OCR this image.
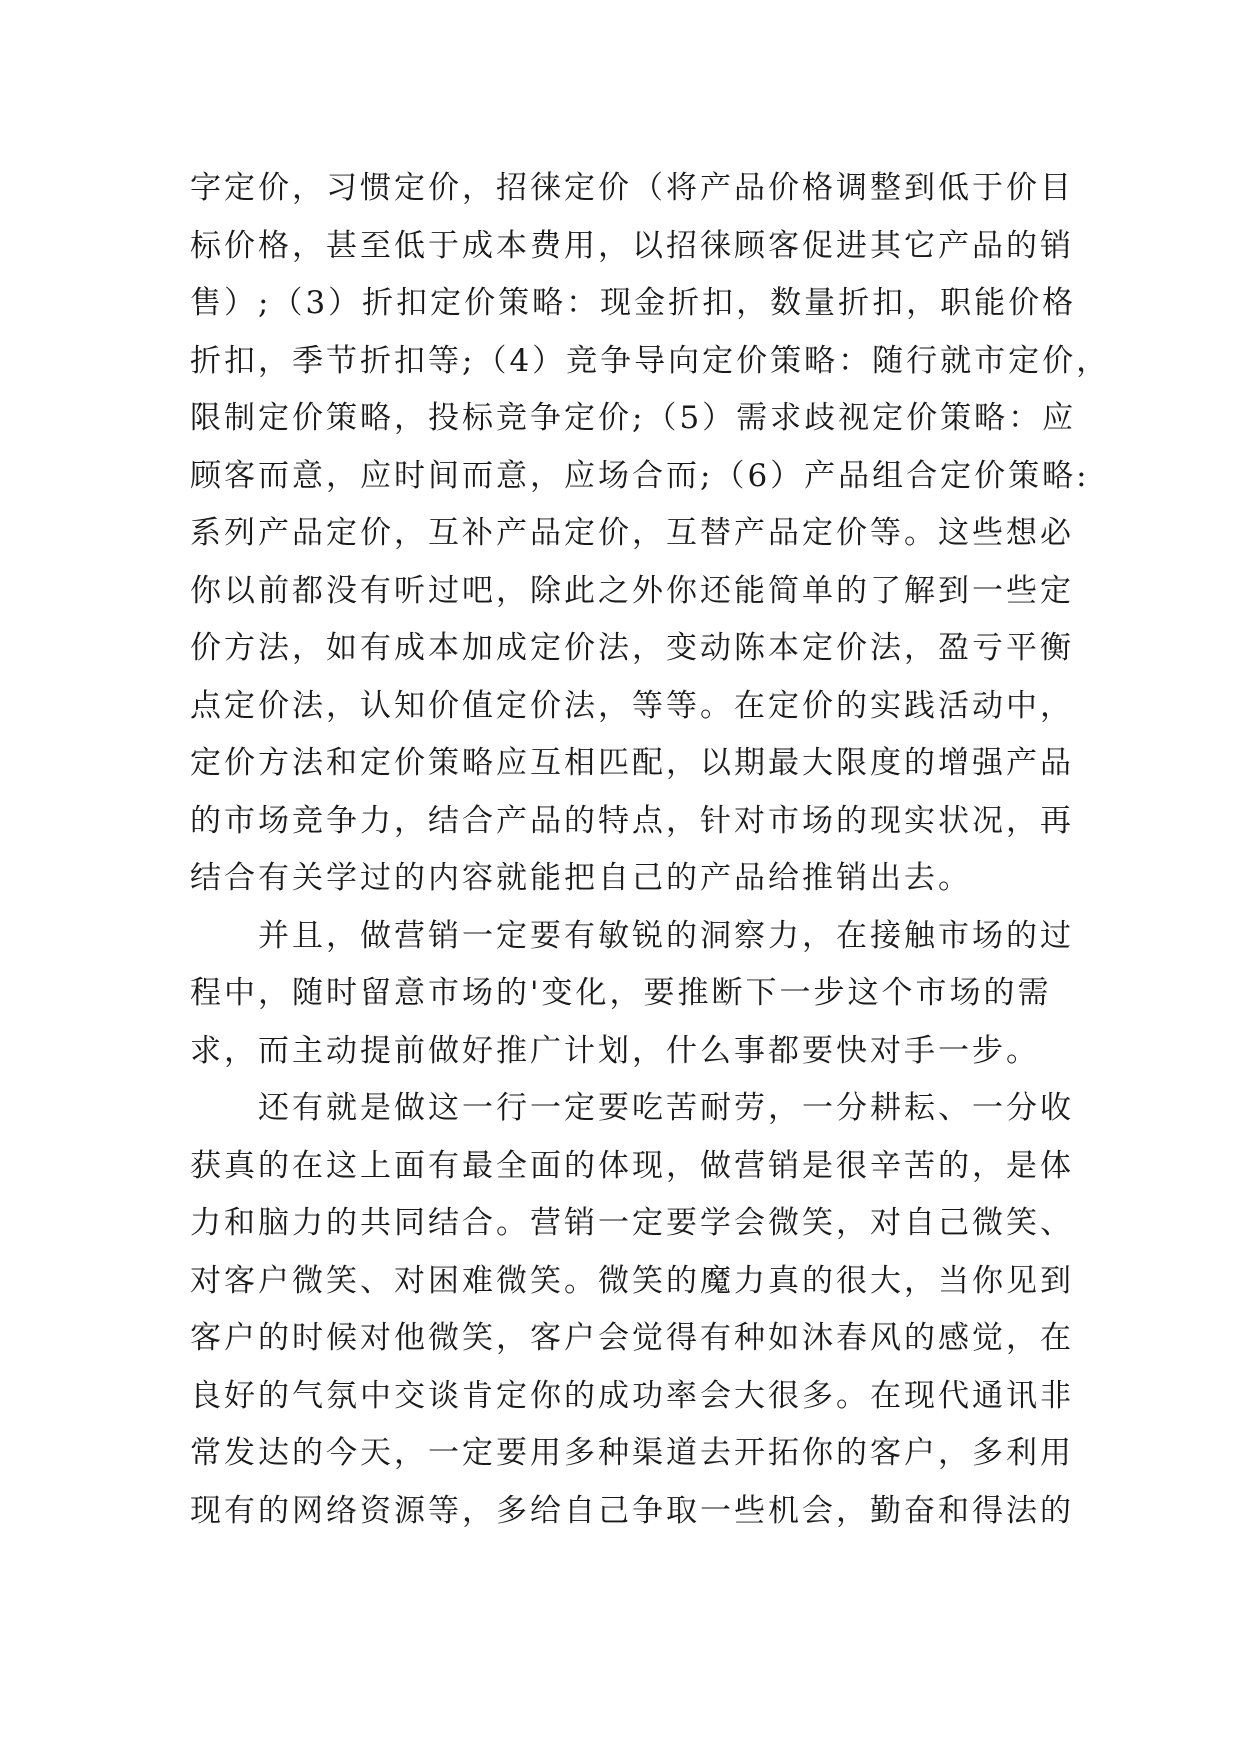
字定价，习惯定价，招徕定价（将产品价格调整到低于价目
标价格，甚至低于成本费用，以招徕顾客促进其它产品的销
售）;（3）折扣定价策略：现金折扣，数量折扣，职能价格
折扣，季节折扣等;（4）竞争导向定价策略：随行就市定价，
限制定价策略，投标竞争定价;（5）需求歧视定价策略：应
顾客而意，应时间而意，应场合而;（6）产品组合定价策略:
系列产品定价，互补产品定价，互替产品定价等。这些想必
你以前都没有听过吧，除此之外你还能简单的了解到一些定
价方法，如有成本加成定价法，变动陈本定价法，盈亏平衡
点定价法，认知价值定价法，等等。在定价的实践活动中，
定价方法和定价策略应互相匹配，以期最大限度的增强产品
的市场竞争力，结合产品的特点，针对市场的现实状况，再
结合有关学过的内容就能把自己的产品给推销出去。
　　并且，做营销一定要有敏锐的洞察力，在接触市场的过
程中，随时留意市场的'变化，要推断下一步这个市场的需
求，而主动提前做好推广计划，什么事都要快对手一步。
　　还有就是做这一行一定要吃苦耐劳，一分耕耘、一分收
获真的在这上面有最全面的体现，做营销是很辛苦的，是体
力和脑力的共同结合。营销一定要学会微笑，对自己微笑、
对客户微笑、对困难微笑。微笑的魔力真的很大，当你见到
客户的时候对他微笑，客户会觉得有种如沐春风的感觉，在
良好的气氛中交谈肯定你的成功率会大很多。在现代通讯非
常发达的今天，一定要用多种渠道去开拓你的客户，多利用
现有的网络资源等，多给自己争取一些机会，勤奋和得法的
